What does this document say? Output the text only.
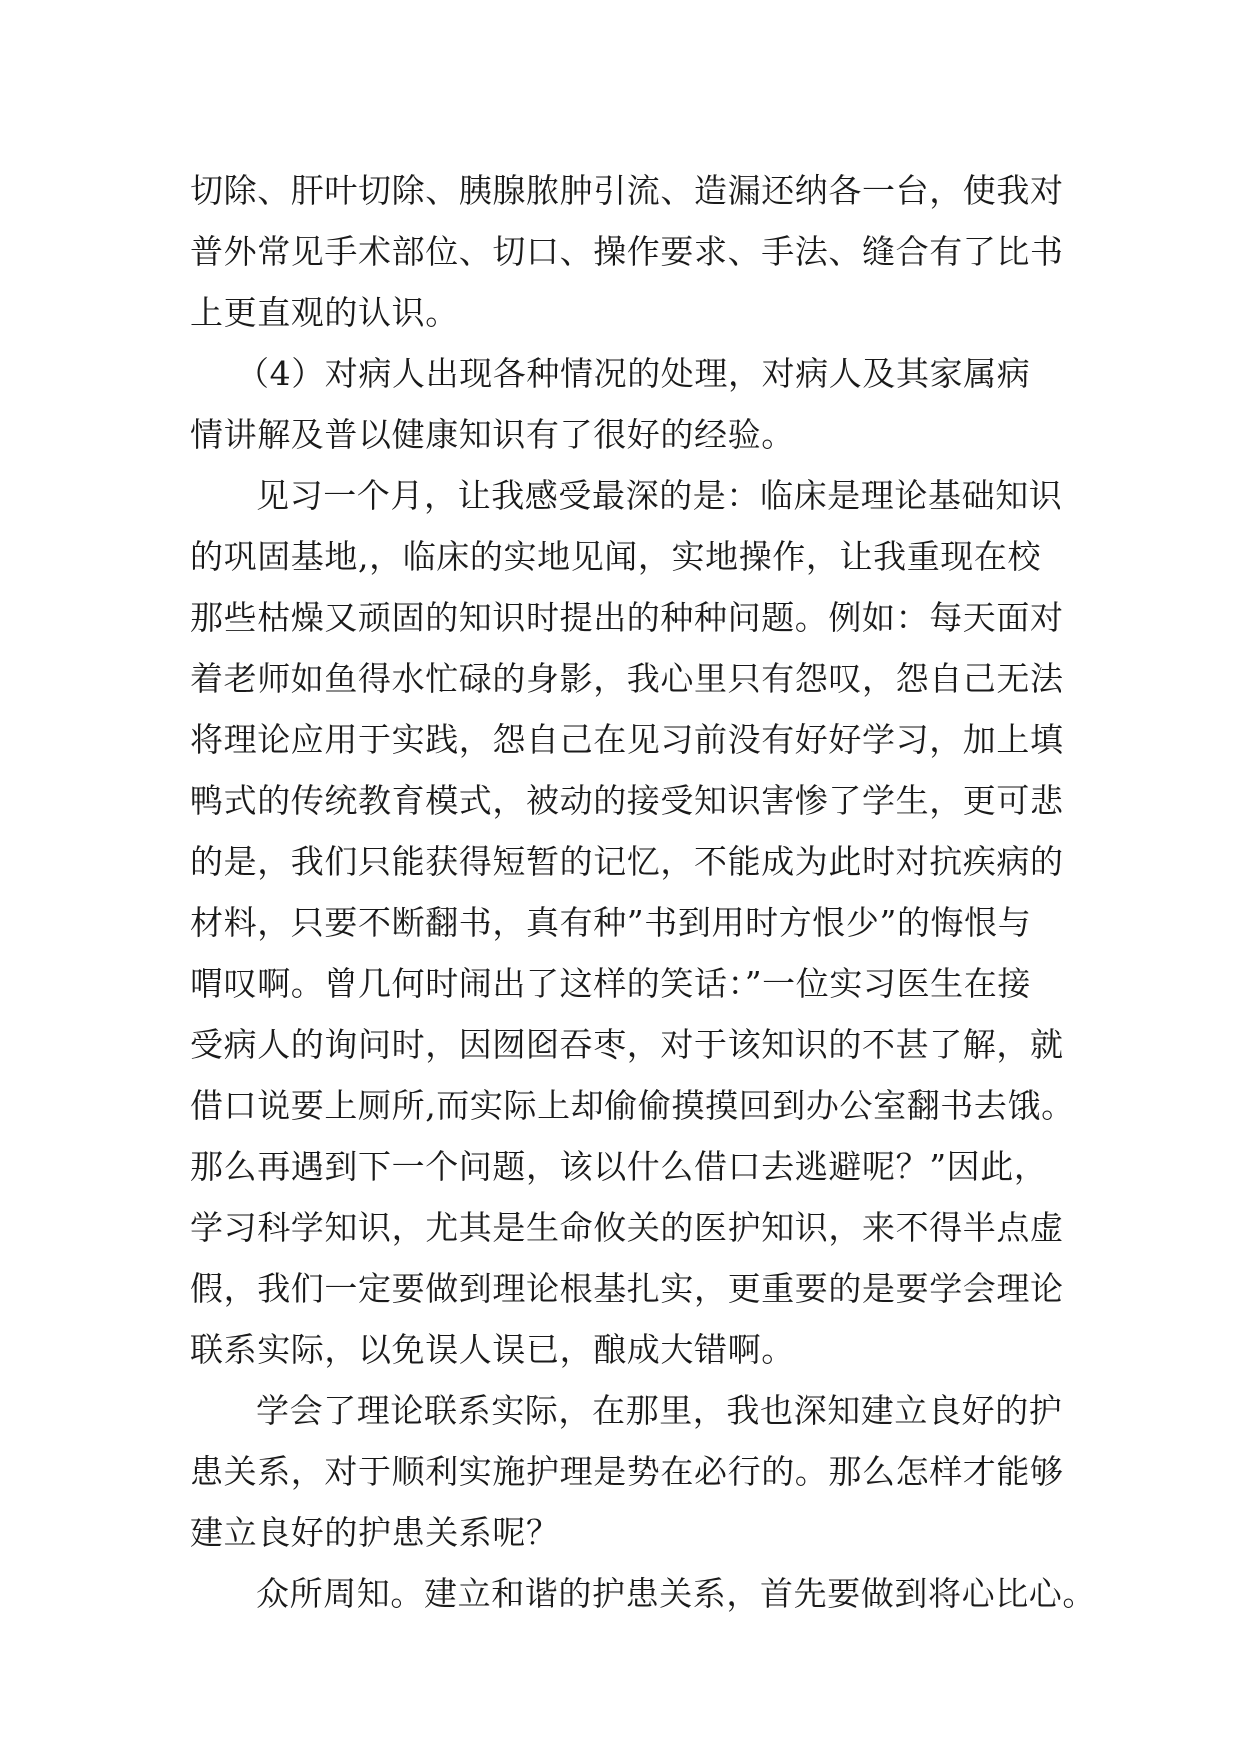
切除、肝叶切除、胰腺脓肿引流、造漏还纳各一台，使我对
普外常见手术部位、切口、操作要求、手法、缝合有了比书
上更直观的认识。
（4）对病人出现各种情况的处理，对病人及其家属病
情讲解及普以健康知识有了很好的经验。
见习一个月，让我感受最深的是：临床是理论基础知识
的巩固基地,，临床的实地见闻，实地操作，让我重现在校
那些枯燥又顽固的知识时提出的种种问题。例如：每天面对
着老师如鱼得水忙碌的身影，我心里只有怨叹，怨自己无法
将理论应用于实践，怨自己在见习前没有好好学习，加上填
鸭式的传统教育模式，被动的接受知识害惨了学生，更可悲
的是，我们只能获得短暂的记忆，不能成为此时对抗疾病的
材料，只要不断翻书，真有种”书到用时方恨少”的悔恨与
喟叹啊。曾几何时闹出了这样的笑话：”一位实习医生在接
受病人的询问时，因囫囵吞枣，对于该知识的不甚了解，就
借口说要上厕所,而实际上却偷偷摸摸回到办公室翻书去饿。
那么再遇到下一个问题，该以什么借口去逃避呢？”因此，
学习科学知识，尤其是生命攸关的医护知识，来不得半点虚
假，我们一定要做到理论根基扎实，更重要的是要学会理论
联系实际，以免误人误已，酿成大错啊。
学会了理论联系实际，在那里，我也深知建立良好的护
患关系，对于顺利实施护理是势在必行的。那么怎样才能够
建立良好的护患关系呢？
众所周知。建立和谐的护患关系，首先要做到将心比心。
